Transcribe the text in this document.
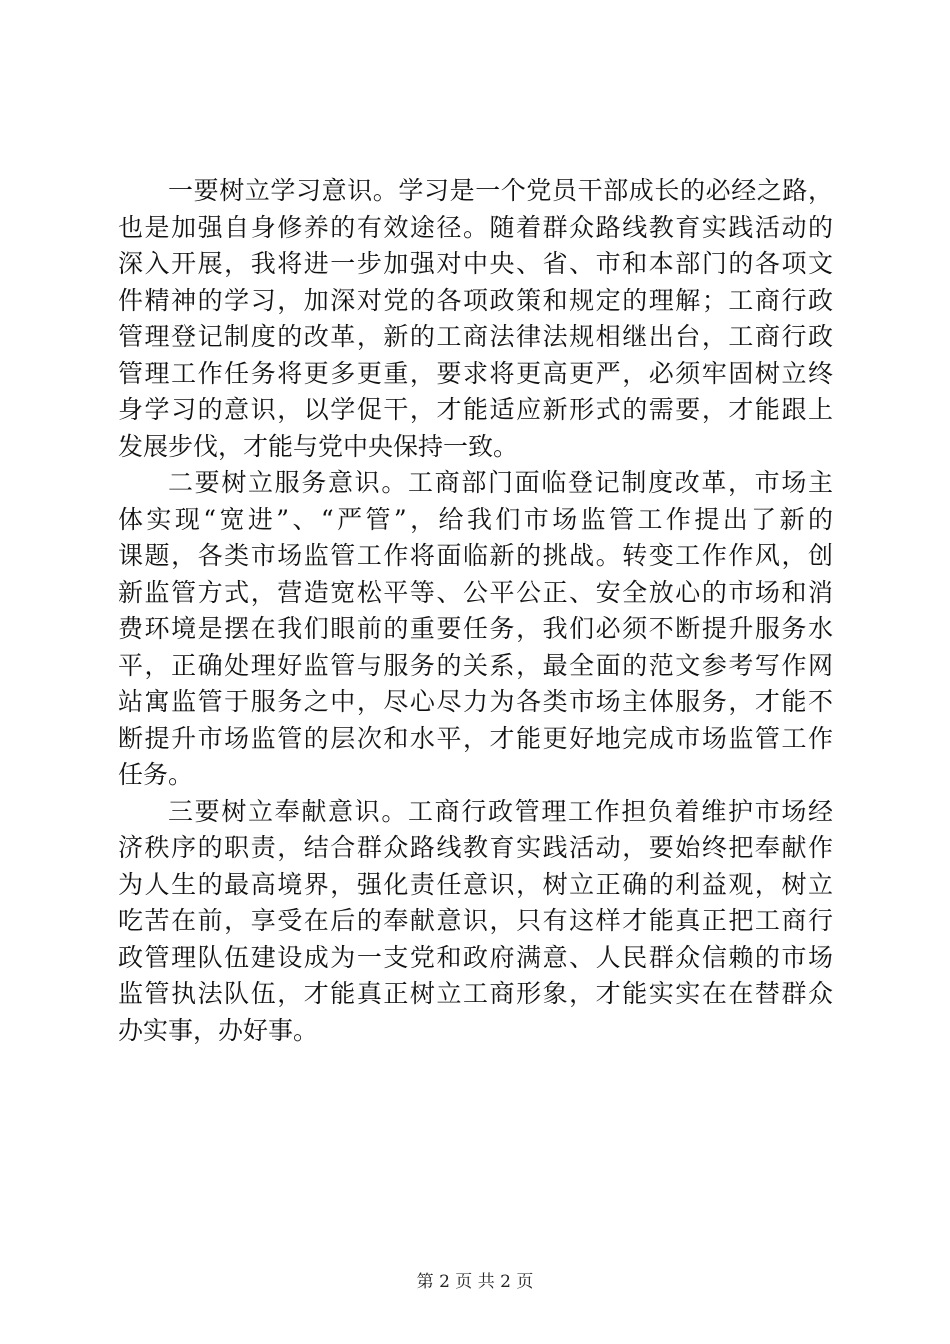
一要树立学习意识。学习是一个党员干部成长的必经之路，
也是加强自身修养的有效途径。随着群众路线教育实践活动的
深入开展，我将进一步加强对中央、省、市和本部门的各项文
件精神的学习，加深对党的各项政策和规定的理解；工商行政
管理登记制度的改革，新的工商法律法规相继出台，工商行政
管理工作任务将更多更重，要求将更高更严，必须牢固树立终
身学习的意识，以学促干，才能适应新形式的需要，才能跟上
发展步伐，才能与党中央保持一致。
二要树立服务意识。工商部门面临登记制度改革，市场主
体实现“宽进”、“严管”，给我们市场监管工作提出了新的
课题，各类市场监管工作将面临新的挑战。转变工作作风，创
新监管方式，营造宽松平等、公平公正、安全放心的市场和消
费环境是摆在我们眼前的重要任务，我们必须不断提升服务水
平，正确处理好监管与服务的关系，最全面的范文参考写作网
站寓监管于服务之中，尽心尽力为各类市场主体服务，才能不
断提升市场监管的层次和水平，才能更好地完成市场监管工作
任务。
三要树立奉献意识。工商行政管理工作担负着维护市场经
济秩序的职责，结合群众路线教育实践活动，要始终把奉献作
为人生的最高境界，强化责任意识，树立正确的利益观，树立
吃苦在前，享受在后的奉献意识，只有这样才能真正把工商行
政管理队伍建设成为一支党和政府满意、人民群众信赖的市场
监管执法队伍，才能真正树立工商形象，才能实实在在替群众
办实事，办好事。
第 2 页 共 2 页
